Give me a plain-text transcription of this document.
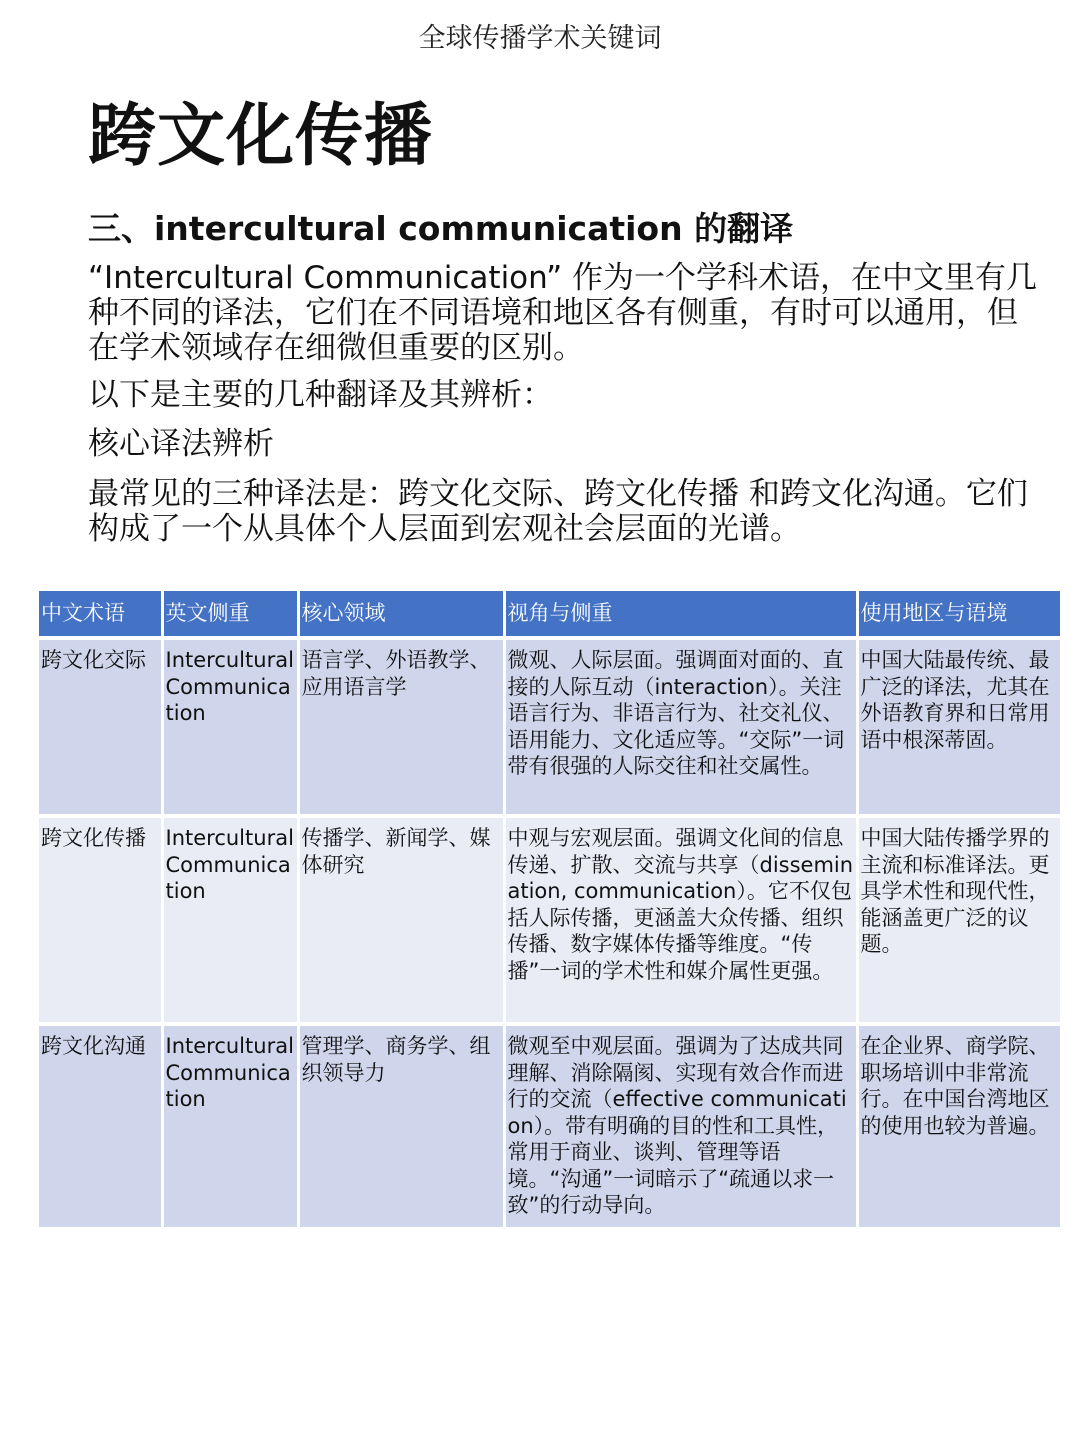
全球传播学术关键词
跨文化传播
三、intercultural communication 的翻译
“Intercultural Communication” 作为一个学科术语，在中文里有几种不同的译法，它们在不同语境和地区各有侧重，有时可以通用，但在学术领域存在细微但重要的区别。
以下是主要的几种翻译及其辨析：
核心译法辨析
最常见的三种译法是：跨文化交际、跨文化传播 和跨文化沟通。它们构成了一个从具体个人层面到宏观社会层面的光谱。
中文术语	英文侧重	核心领域	视角与侧重	使用地区与语境
跨文化交际	Intercultural Communication	语言学、外语教学、应用语言学	微观、人际层面。强调面对面的、直接的人际互动（interaction）。关注语言行为、非语言行为、社交礼仪、语用能力、文化适应等。“交际”一词带有很强的人际交往和社交属性。	中国大陆最传统、最广泛的译法，尤其在外语教育界和日常用语中根深蒂固。
跨文化传播	Intercultural Communication	传播学、新闻学、媒体研究	中观与宏观层面。强调文化间的信息传递、扩散、交流与共享（dissemination, communication）。它不仅包括人际传播，更涵盖大众传播、组织传播、数字媒体传播等维度。“传播”一词的学术性和媒介属性更强。	中国大陆传播学界的主流和标准译法。更具学术性和现代性，能涵盖更广泛的议题。
跨文化沟通	Intercultural Communication	管理学、商务学、组织领导力	微观至中观层面。强调为了达成共同理解、消除隔阂、实现有效合作而进行的交流（effective communication）。带有明确的目的性和工具性，常用于商业、谈判、管理等语境。“沟通”一词暗示了“疏通以求一致”的行动导向。	在企业界、商学院、职场培训中非常流行。在中国台湾地区的使用也较为普遍。
